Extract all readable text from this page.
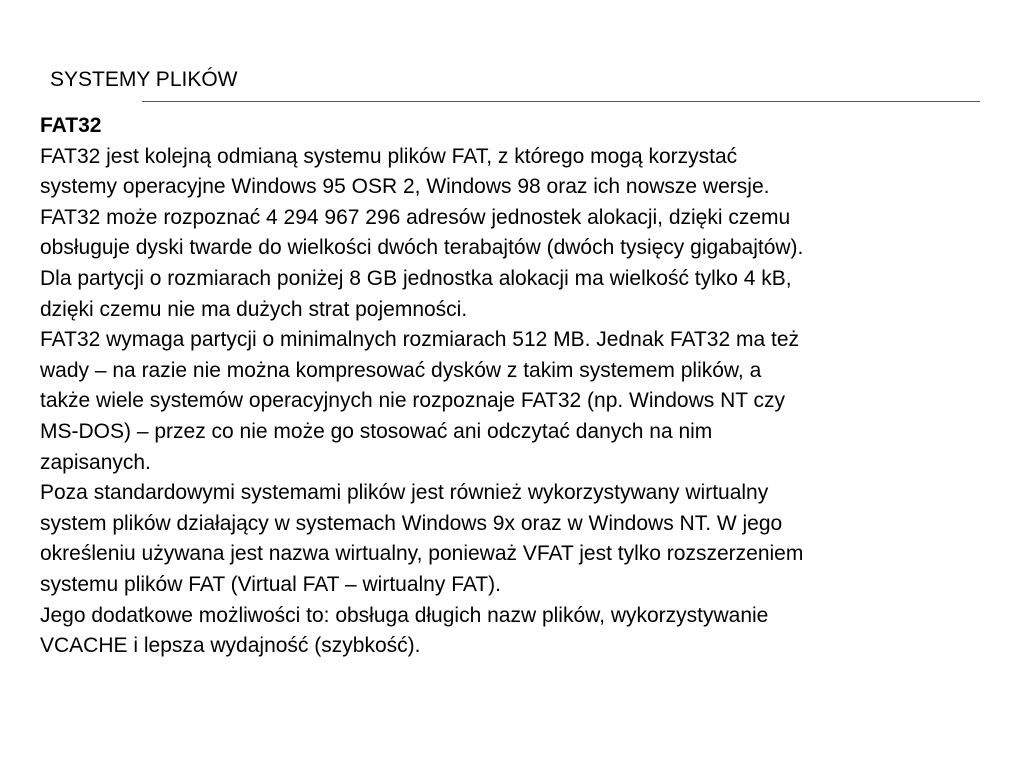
SYSTEMY PLIKÓW

FAT32

FAT32 jest kolejną odmianą systemu plików FAT, z którego mogą korzystać

systemy operacyjne Windows 95 OSR 2, Windows 98 oraz ich nowsze wersje.

FAT32 może rozpoznać 4 294 967 296 adresów jednostek alokacji, dzięki czemu

obsługuje dyski twarde do wielkości dwóch terabajtów (dwóch tysięcy gigabajtów).

Dla partycji o rozmiarach poniżej 8 GB jednostka alokacji ma wielkość tylko 4 kB,

dzięki czemu nie ma dużych strat pojemności.

FAT32 wymaga partycji o minimalnych rozmiarach 512 MB. Jednak FAT32 ma też

wady – na razie nie można kompresować dysków z takim systemem plików, a

także wiele systemów operacyjnych nie rozpoznaje FAT32 (np. Windows NT czy

MS-DOS) – przez co nie może go stosować ani odczytać danych na nim

zapisanych.

Poza standardowymi systemami plików jest również wykorzystywany wirtualny

system plików działający w systemach Windows 9x oraz w Windows NT. W jego

określeniu używana jest nazwa wirtualny, ponieważ VFAT jest tylko rozszerzeniem

systemu plików FAT (Virtual FAT – wirtualny FAT).

Jego dodatkowe możliwości to: obsługa długich nazw plików, wykorzystywanie

VCACHE i lepsza wydajność (szybkość).
